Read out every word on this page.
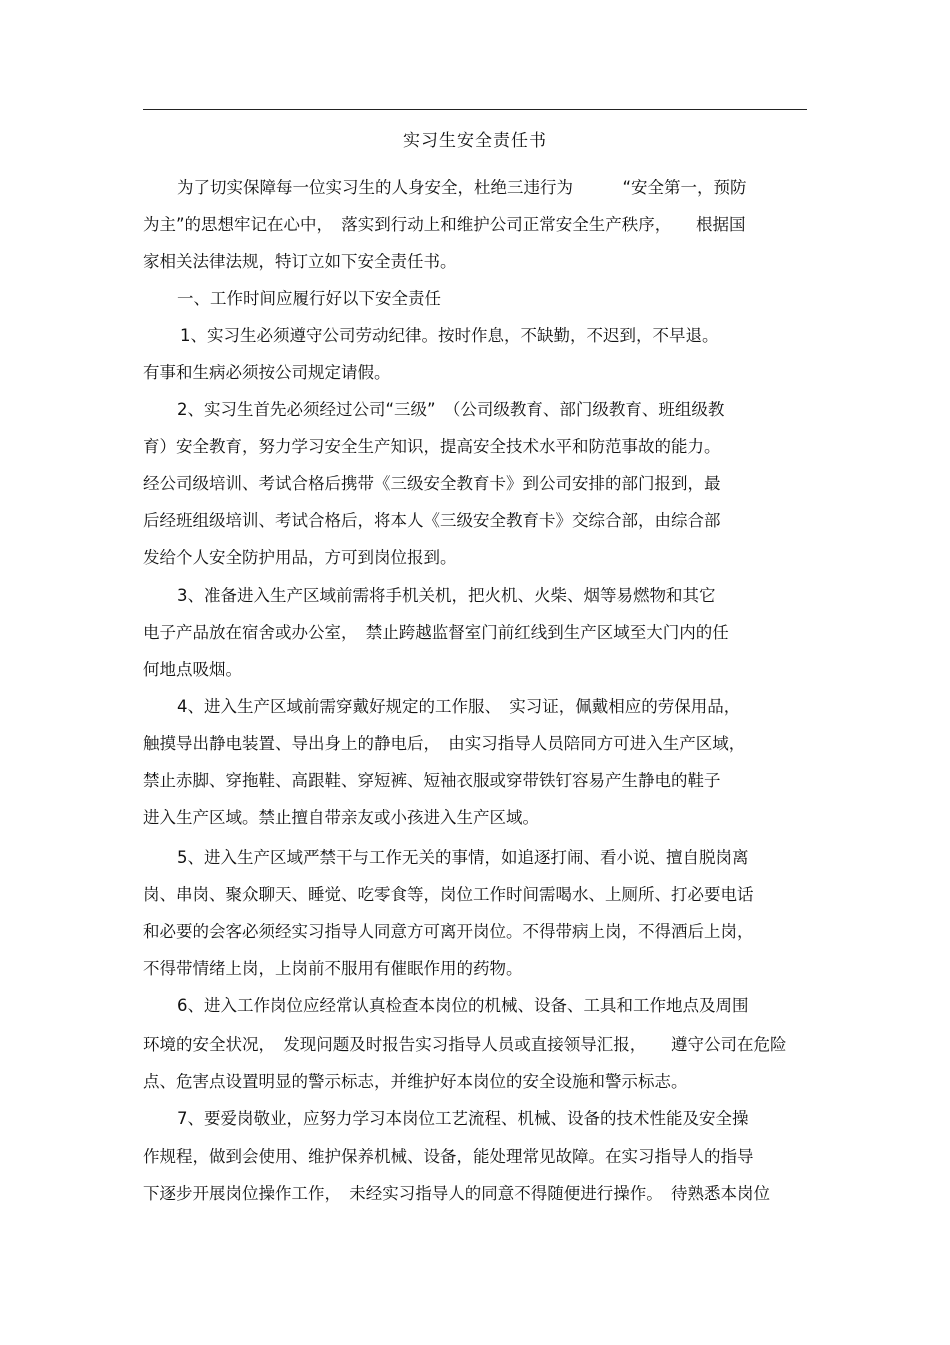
实习生安全责任书
为了切实保障每一位实习生的人身安全，杜绝三违行为　　　“安全第一，预防
为主”的思想牢记在心中，　落实到行动上和维护公司正常安全生产秩序，　　根据国
家相关法律法规，特订立如下安全责任书。
一、工作时间应履行好以下安全责任
1、实习生必须遵守公司劳动纪律。按时作息，不缺勤，不迟到，不早退。
有事和生病必须按公司规定请假。
2、实习生首先必须经过公司“三级”　（公司级教育、部门级教育、班组级教
育）安全教育，努力学习安全生产知识，提高安全技术水平和防范事故的能力。
经公司级培训、考试合格后携带《三级安全教育卡》到公司安排的部门报到，最
后经班组级培训、考试合格后，将本人《三级安全教育卡》交综合部，由综合部
发给个人安全防护用品，方可到岗位报到。
3、准备进入生产区域前需将手机关机，把火机、火柴、烟等易燃物和其它
电子产品放在宿舍或办公室，　禁止跨越监督室门前红线到生产区域至大门内的任
何地点吸烟。
4、进入生产区域前需穿戴好规定的工作服、　实习证，佩戴相应的劳保用品，
触摸导出静电装置、导出身上的静电后，　由实习指导人员陪同方可进入生产区域，
禁止赤脚、穿拖鞋、高跟鞋、穿短裤、短袖衣服或穿带铁钉容易产生静电的鞋子
进入生产区域。禁止擅自带亲友或小孩进入生产区域。
5、进入生产区域严禁干与工作无关的事情，如追逐打闹、看小说、擅自脱岗离
岗、串岗、聚众聊天、睡觉、吃零食等，岗位工作时间需喝水、上厕所、打必要电话
和必要的会客必须经实习指导人同意方可离开岗位。不得带病上岗，不得酒后上岗，
不得带情绪上岗，上岗前不服用有催眠作用的药物。
6、进入工作岗位应经常认真检查本岗位的机械、设备、工具和工作地点及周围
环境的安全状况，　发现问题及时报告实习指导人员或直接领导汇报，　　遵守公司在危险
点、危害点设置明显的警示标志，并维护好本岗位的安全设施和警示标志。
7、要爱岗敬业，应努力学习本岗位工艺流程、机械、设备的技术性能及安全操
作规程，做到会使用、维护保养机械、设备，能处理常见故障。在实习指导人的指导
下逐步开展岗位操作工作，　未经实习指导人的同意不得随便进行操作。　待熟悉本岗位
